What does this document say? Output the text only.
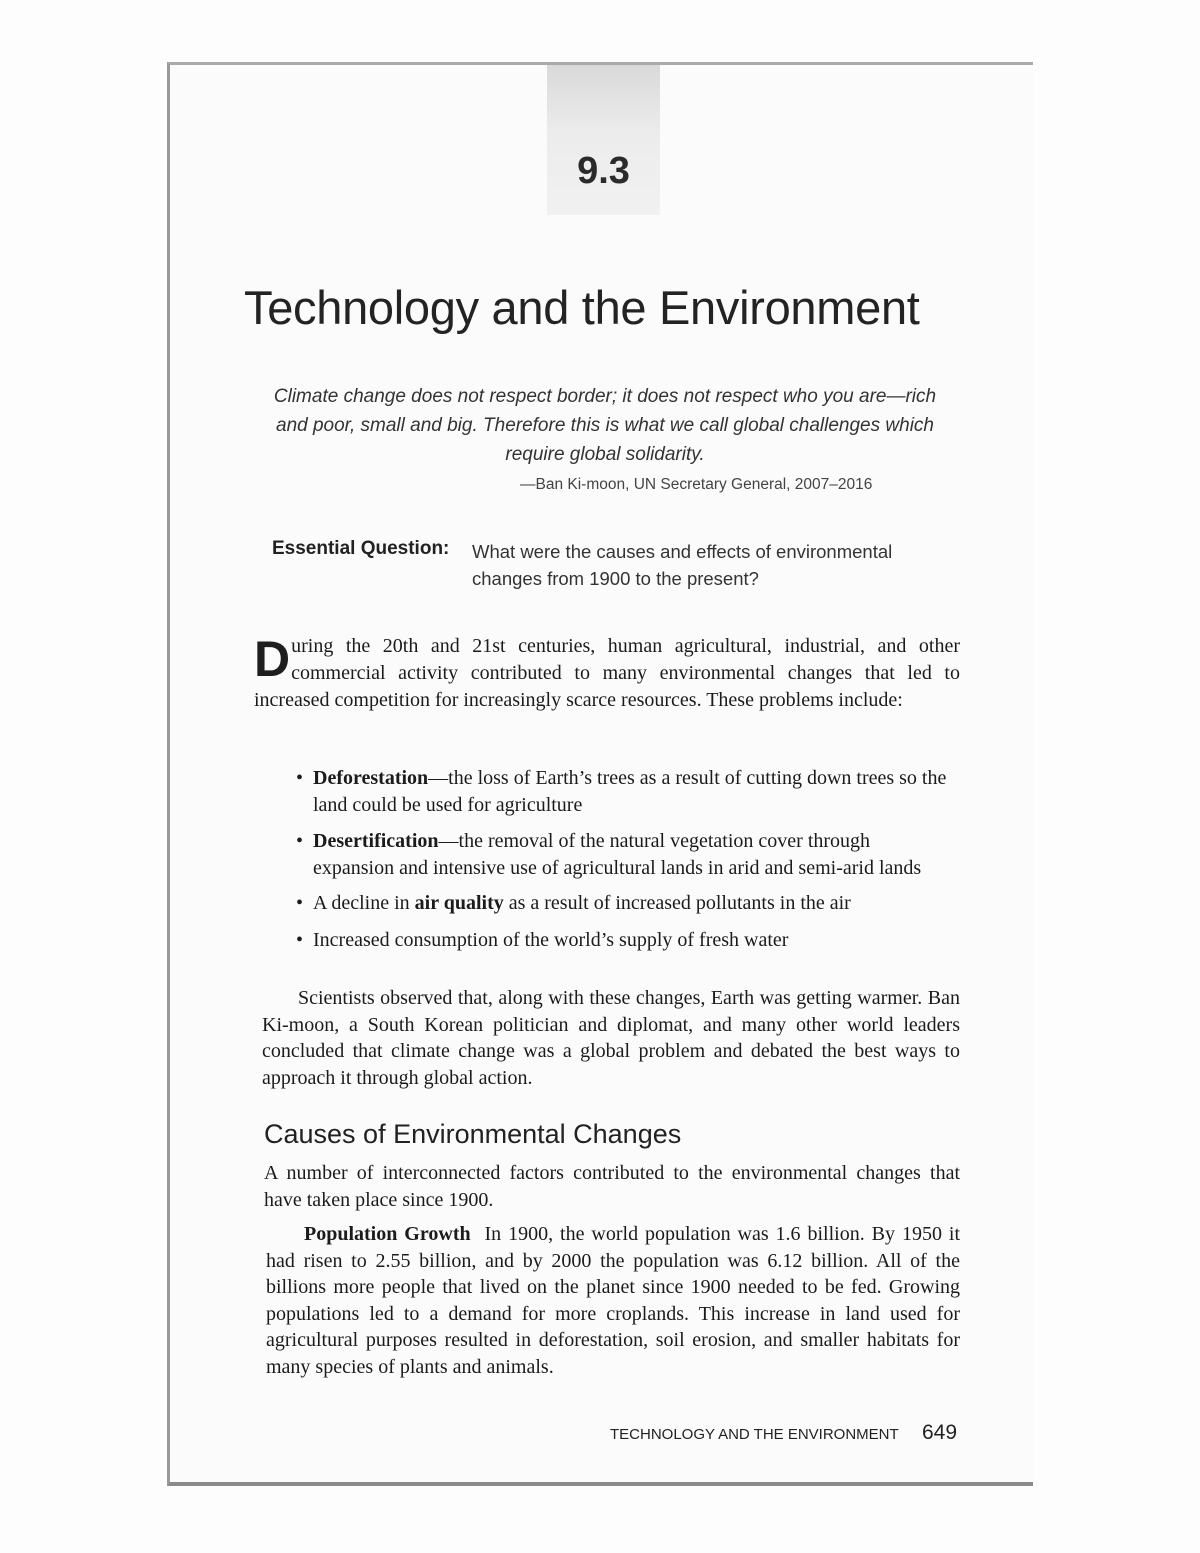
9.3
Technology and the Environment
Climate change does not respect border; it does not respect who you are—rich and poor, small and big. Therefore this is what we call global challenges which require global solidarity.
—Ban Ki-moon, UN Secretary General, 2007–2016
Essential Question: What were the causes and effects of environmental changes from 1900 to the present?

During the 20th and 21st centuries, human agricultural, industrial, and other commercial activity contributed to many environmental changes that led to increased competition for increasingly scarce resources. These problems include:

• Deforestation—the loss of Earth’s trees as a result of cutting down trees so the land could be used for agriculture
• Desertification—the removal of the natural vegetation cover through expansion and intensive use of agricultural lands in arid and semi-arid lands
• A decline in air quality as a result of increased pollutants in the air
• Increased consumption of the world’s supply of fresh water

Scientists observed that, along with these changes, Earth was getting warmer. Ban Ki-moon, a South Korean politician and diplomat, and many other world leaders concluded that climate change was a global problem and debated the best ways to approach it through global action.

Causes of Environmental Changes

A number of interconnected factors contributed to the environmental changes that have taken place since 1900.

Population Growth In 1900, the world population was 1.6 billion. By 1950 it had risen to 2.55 billion, and by 2000 the population was 6.12 billion. All of the billions more people that lived on the planet since 1900 needed to be fed. Growing populations led to a demand for more croplands. This increase in land used for agricultural purposes resulted in deforestation, soil erosion, and smaller habitats for many species of plants and animals.

TECHNOLOGY AND THE ENVIRONMENT 649
